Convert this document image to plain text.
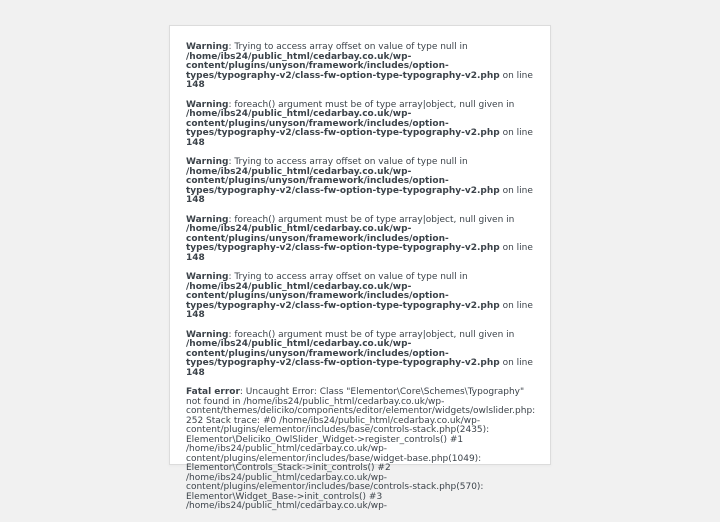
Warning: Trying to access array offset on value of type null in /home/ibs24/public_html/cedarbay.co.uk/wp-content/plugins/unyson/framework/includes/option-types/typography-v2/class-fw-option-type-typography-v2.php on line 148

Warning: foreach() argument must be of type array|object, null given in /home/ibs24/public_html/cedarbay.co.uk/wp-content/plugins/unyson/framework/includes/option-types/typography-v2/class-fw-option-type-typography-v2.php on line 148

Warning: Trying to access array offset on value of type null in /home/ibs24/public_html/cedarbay.co.uk/wp-content/plugins/unyson/framework/includes/option-types/typography-v2/class-fw-option-type-typography-v2.php on line 148

Warning: foreach() argument must be of type array|object, null given in /home/ibs24/public_html/cedarbay.co.uk/wp-content/plugins/unyson/framework/includes/option-types/typography-v2/class-fw-option-type-typography-v2.php on line 148

Warning: Trying to access array offset on value of type null in /home/ibs24/public_html/cedarbay.co.uk/wp-content/plugins/unyson/framework/includes/option-types/typography-v2/class-fw-option-type-typography-v2.php on line 148

Warning: foreach() argument must be of type array|object, null given in /home/ibs24/public_html/cedarbay.co.uk/wp-content/plugins/unyson/framework/includes/option-types/typography-v2/class-fw-option-type-typography-v2.php on line 148

Fatal error: Uncaught Error: Class "Elementor\Core\Schemes\Typography" not found in /home/ibs24/public_html/cedarbay.co.uk/wp-content/themes/deliciko/components/editor/elementor/widgets/owlslider.php:252 Stack trace: #0 /home/ibs24/public_html/cedarbay.co.uk/wp-content/plugins/elementor/includes/base/controls-stack.php(2435): Elementor\Deliciko_OwlSlider_Widget->register_controls() #1 /home/ibs24/public_html/cedarbay.co.uk/wp-content/plugins/elementor/includes/base/widget-base.php(1049): Elementor\Controls_Stack->init_controls() #2 /home/ibs24/public_html/cedarbay.co.uk/wp-content/plugins/elementor/includes/base/controls-stack.php(570): Elementor\Widget_Base->init_controls() #3 /home/ibs24/public_html/cedarbay.co.uk/wp-
